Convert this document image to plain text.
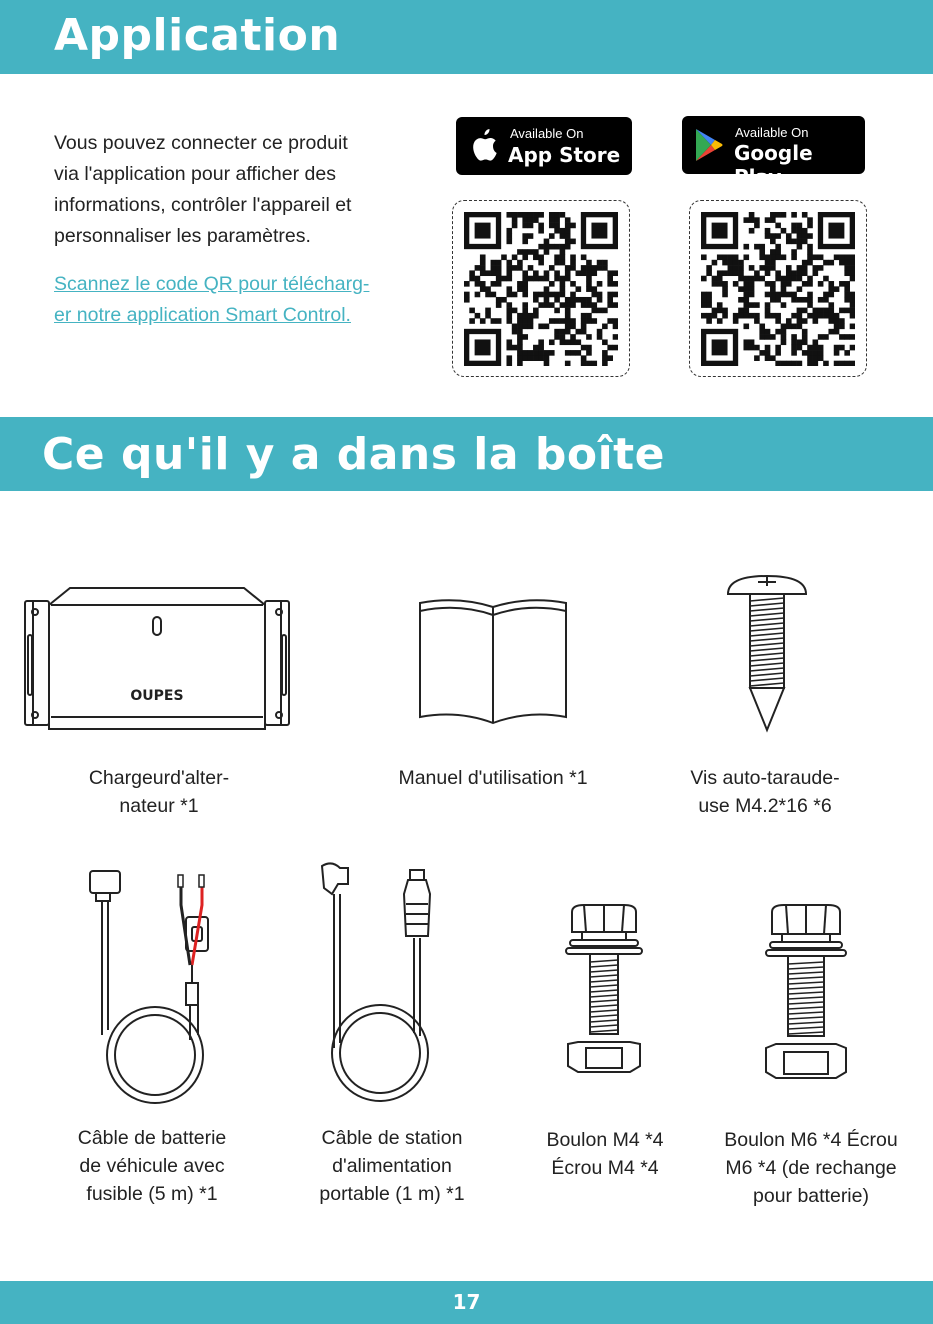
Application

Vous pouvez connecter ce produit
via l'application pour afficher des
informations, contrôler l'appareil et
personnaliser les paramètres.

Scannez le code QR pour télécharg-
er notre application Smart Control.

Available On
App Store
Available On
Google Play
Ce qu'il y a dans la boîte
OUPES

Chargeurd'alter-
nateur *1

Manuel d'utilisation *1	Vis auto-taraude-
use M4.2*16 *6

Câble de batterie
de véhicule avec
fusible (5 m) *1

Câble de station
d'alimentation
portable (1 m) *1

Boulon M4 *4
Écrou M4 *4

Boulon M6 *4 Écrou
M6 *4 (de rechange
pour batterie)

17
